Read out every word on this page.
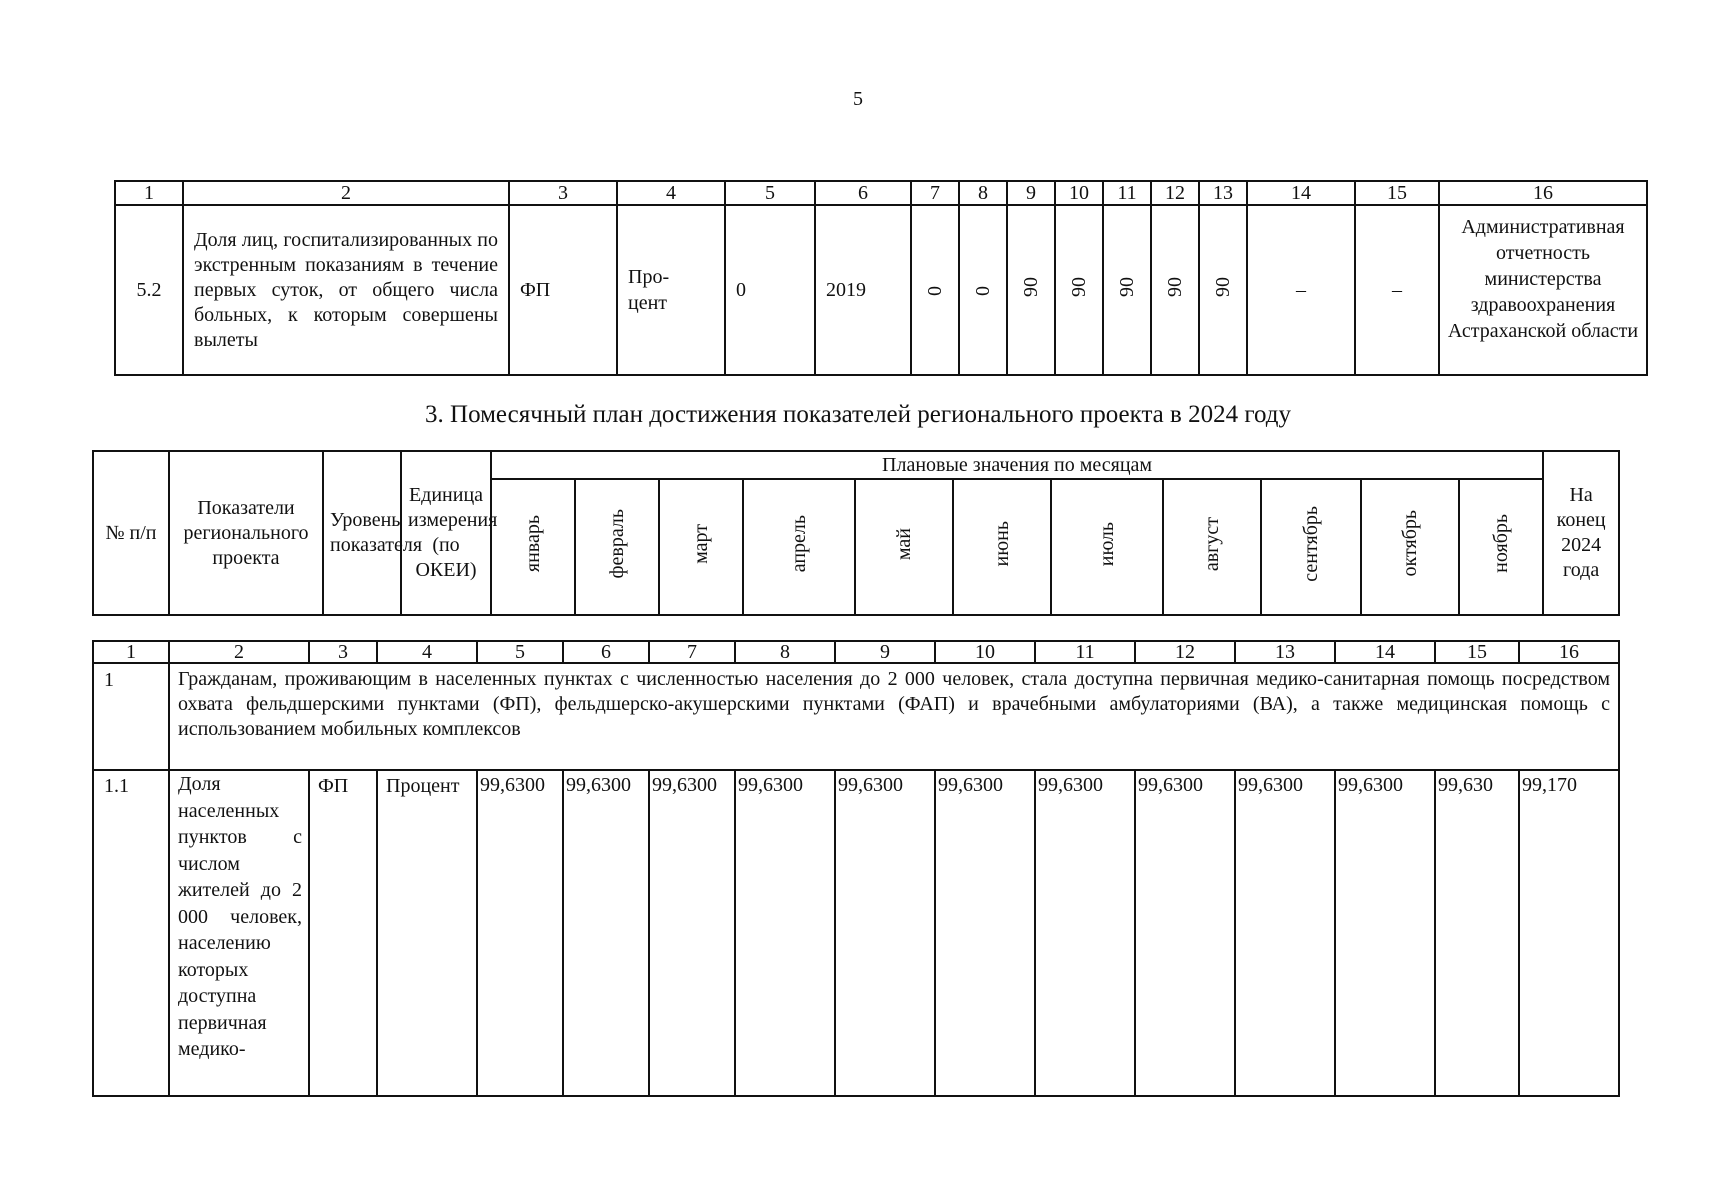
5
1	2	3	4	5	6	7	8	9	10	11	12	13	14	15	16
5.2	Доля лиц, госпитализированных по экстренным показаниям в течение первых суток, от общего числа больных, к которым совершены вылеты	ФП	Про-
цент	0	2019	0	0	90	90	90	90	90	–	–	Административная отчетность министерства здравоохранения Астраханской области
3. Помесячный план достижения показателей регионального проекта в 2024 году
№ п/п	Показатели регионального проекта	Уровень показателя	Единица измерения (по ОКЕИ)	Плановые значения по месяцам											На конец 2024 года
				январь	февраль	март	апрель	май	июнь	июль	август	сентябрь	октябрь	ноябрь	
1	2	3	4	5	6	7	8	9	10	11	12	13	14	15	16
1	Гражданам, проживающим в населенных пунктах с численностью населения до 2 000 человек, стала доступна первичная медико-санитарная помощь посредством охвата фельдшерскими пунктами (ФП), фельдшерско-акушерскими пунктами (ФАП) и врачебными амбулаториями (ВА), а также медицинская помощь с использованием мобильных комплексов														
1.1	Доля населенных пунктов с числом жителей до 2 000 человек, населению которых доступна первичная медико-	ФП	Процент	99,6300	99,6300	99,6300	99,6300	99,6300	99,6300	99,6300	99,6300	99,6300	99,6300	99,630	99,170
